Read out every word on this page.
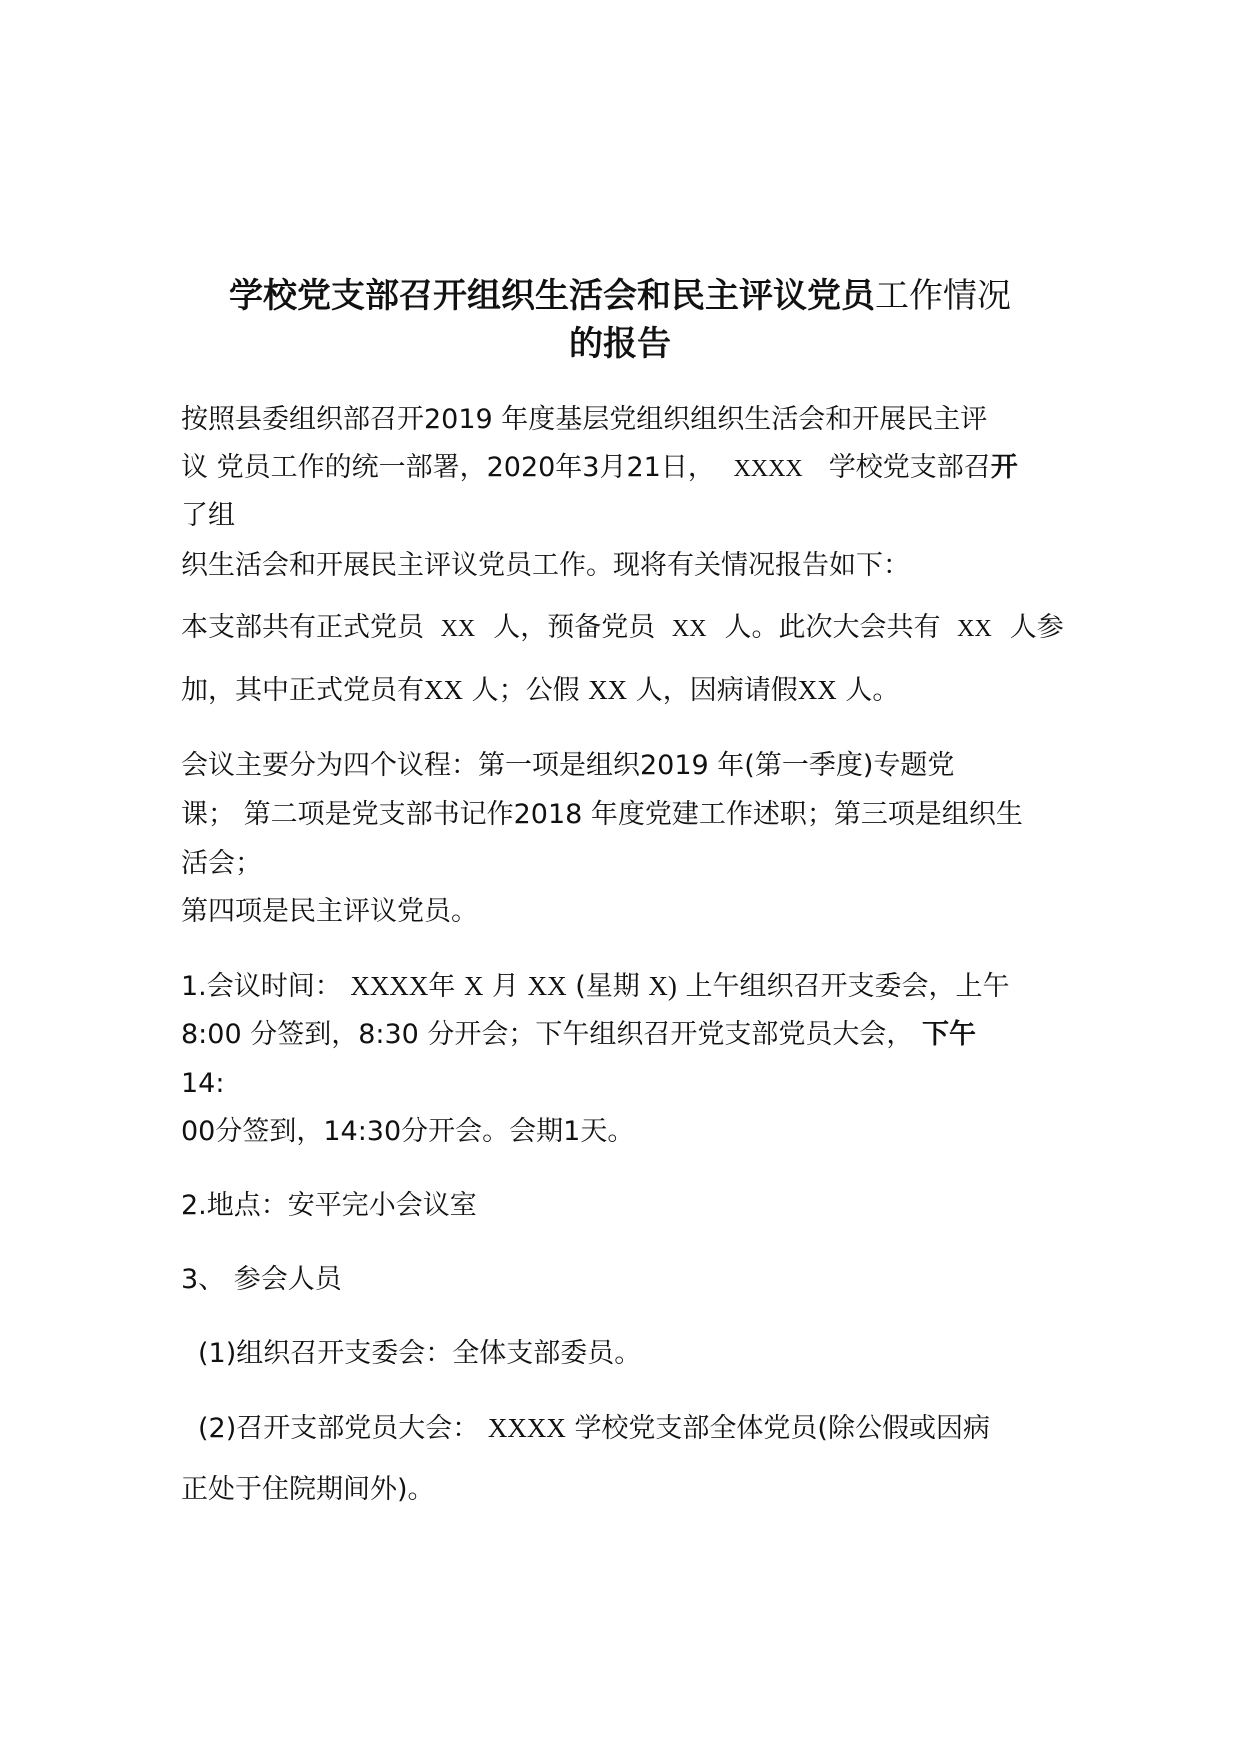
学校党支部召开组织生活会和民主评议党员工作情况
的报告

按照县委组织部召开2019 年度基层党组织组织生活会和开展民主评

议 党员工作的统一部署，2020年3月21日， XXXX 学校党支部召开

了组

织生活会和开展民主评议党员工作。现将有关情况报告如下：

本支部共有正式党员 XX 人，预备党员 XX 人。此次大会共有 XX 人参

加，其中正式党员有XX 人；公假 XX 人，因病请假XX 人。

会议主要分为四个议程：第一项是组织2019 年(第一季度)专题党

课； 第二项是党支部书记作2018 年度党建工作述职；第三项是组织生

活会；

第四项是民主评议党员。

1.会议时间： XXXX年 X 月 XX (星期 X) 上午组织召开支委会，上午

8:00 分签到，8:30 分开会；下午组织召开党支部党员大会， 下午

14:

00分签到，14:30分开会。会期1天。

2.地点：安平完小会议室

3、 参会人员

(1)组织召开支委会：全体支部委员。

(2)召开支部党员大会： XXXX 学校党支部全体党员(除公假或因病

正处于住院期间外)。
